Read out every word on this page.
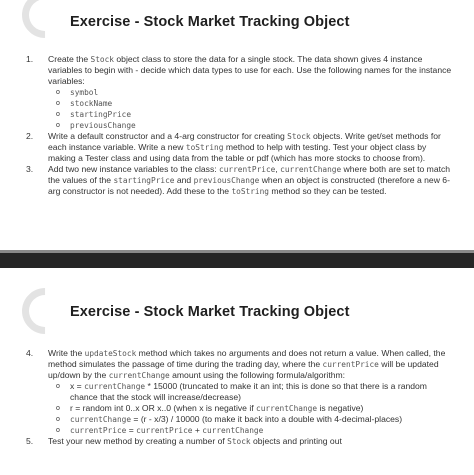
Exercise - Stock Market Tracking Object
1. Create the Stock object class to store the data for a single stock. The data shown gives 4 instance variables to begin with - decide which data types to use for each. Use the following names for the instance variables:
o symbol
o stockName
o startingPrice
o previousChange
2. Write a default constructor and a 4-arg constructor for creating Stock objects. Write get/set methods for each instance variable. Write a new toString method to help with testing. Test your object class by making a Tester class and using data from the table or pdf (which has more stocks to choose from).
3. Add two new instance variables to the class: currentPrice, currentChange where both are set to match the values of the startingPrice and previousChange when an object is constructed (therefore a new 6-arg constructor is not needed). Add these to the toString method so they can be tested.
Exercise - Stock Market Tracking Object
4. Write the updateStock method which takes no arguments and does not return a value. When called, the method simulates the passage of time during the trading day, where the currentPrice will be updated up/down by the currentChange amount using the following formula/algorithm:
o x = currentChange * 15000 (truncated to make it an int; this is done so that there is a random chance that the stock will increase/decrease)
o r = random int 0..x OR x..0 (when x is negative if currentChange is negative)
o currentChange = (r - x/3) / 10000 (to make it back into a double with 4-decimal-places)
o currentPrice = currentPrice + currentChange
5. Test your new method by creating a number of Stock objects and printing out
